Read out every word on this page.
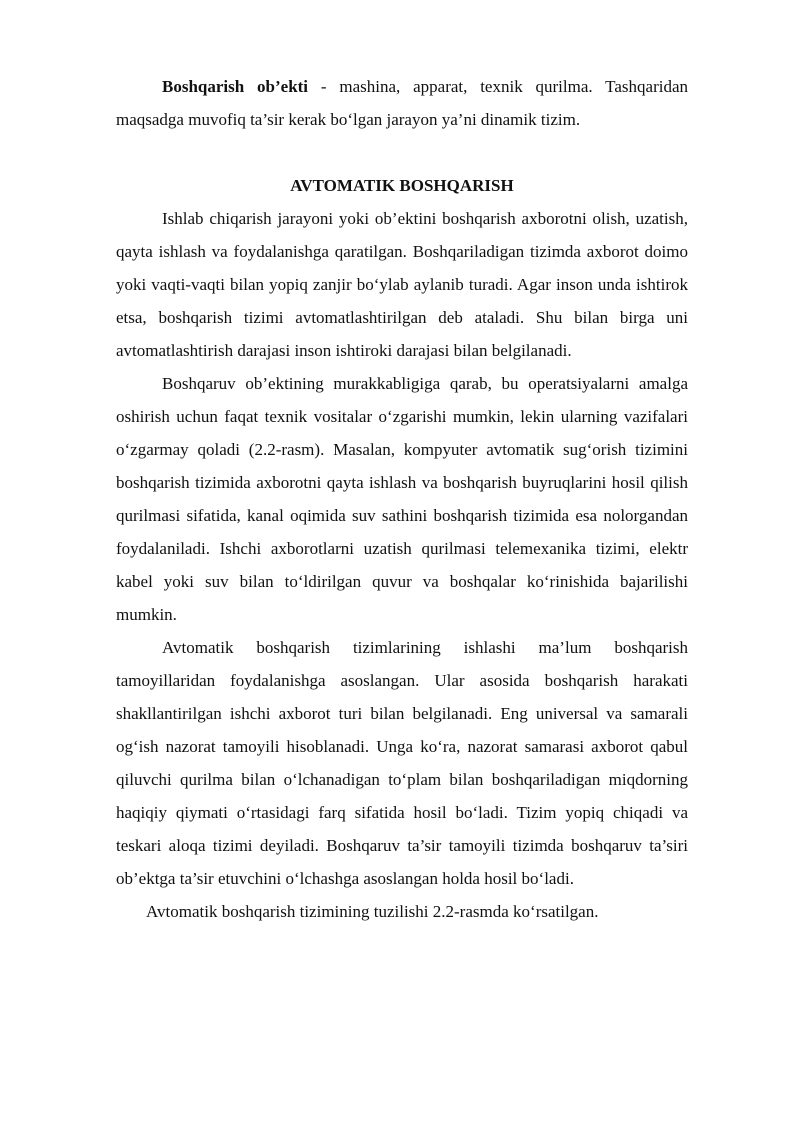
Boshqarish ob’ekti - mashina, apparat, texnik qurilma. Tashqaridan maqsadga muvofiq ta’sir kerak bo‘lgan jarayon ya’ni dinamik tizim.

AVTOMATIK BOSHQARISH

Ishlab chiqarish jarayoni yoki ob’ektini boshqarish axborotni olish, uzatish, qayta ishlash va foydalanishga qaratilgan. Boshqariladigan tizimda axborot doimo yoki vaqti-vaqti bilan yopiq zanjir bo‘ylab aylanib turadi. Agar inson unda ishtirok etsa, boshqarish tizimi avtomatlashtirilgan deb ataladi. Shu bilan birga uni avtomatlashtirish darajasi inson ishtiroki darajasi bilan belgilanadi.

Boshqaruv ob’ektining murakkabligiga qarab, bu operatsiyalarni amalga oshirish uchun faqat texnik vositalar o‘zgarishi mumkin, lekin ularning vazifalari o‘zgarmay qoladi (2.2-rasm). Masalan, kompyuter avtomatik sug‘orish tizimini boshqarish tizimida axborotni qayta ishlash va boshqarish buyruqlarini hosil qilish qurilmasi sifatida, kanal oqimida suv sathini boshqarish tizimida esa nolorgandan foydalaniladi. Ishchi axborotlarni uzatish qurilmasi telemexanika tizimi, elektr kabel yoki suv bilan to‘ldirilgan quvur va boshqalar ko‘rinishida bajarilishi mumkin.

Avtomatik boshqarish tizimlarining ishlashi ma’lum boshqarish tamoyillaridan foydalanishga asoslangan. Ular asosida boshqarish harakati shakllantirilgan ishchi axborot turi bilan belgilanadi. Eng universal va samarali og‘ish nazorat tamoyili hisoblanadi. Unga ko‘ra, nazorat samarasi axborot qabul qiluvchi qurilma bilan o‘lchanadigan to‘plam bilan boshqariladigan miqdorning haqiqiy qiymati o‘rtasidagi farq sifatida hosil bo‘ladi. Tizim yopiq chiqadi va teskari aloqa tizimi deyiladi. Boshqaruv ta’sir tamoyili tizimda boshqaruv ta’siri ob’ektga ta’sir etuvchini o‘lchashga asoslangan holda hosil bo‘ladi.

Avtomatik boshqarish tizimining tuzilishi 2.2-rasmda ko‘rsatilgan.
